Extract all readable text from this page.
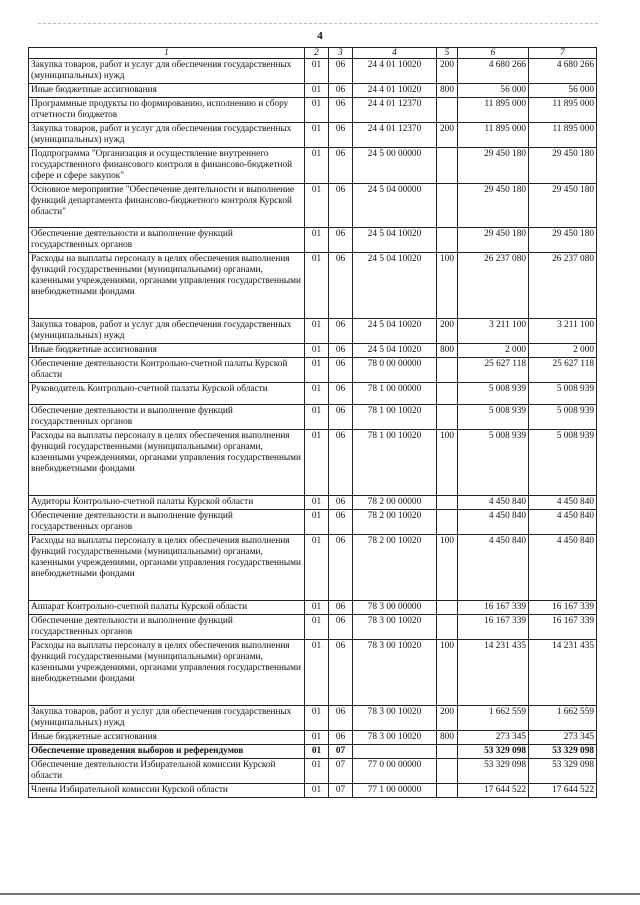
4
1	2	3	4	5	6	7
Закупка товаров, работ и услуг для обеспечения государственных (муниципальных) нужд	01	06	24 4 01 10020	200	4 680 266	4 680 266
Иные бюджетные ассигнования	01	06	24 4 01 10020	800	56 000	56 000
Программные продукты по формированию, исполнению и сбору отчетности бюджетов	01	06	24 4 01 12370		11 895 000	11 895 000
Закупка товаров, работ и услуг для обеспечения государственных (муниципальных) нужд	01	06	24 4 01 12370	200	11 895 000	11 895 000
Подпрограмма "Организация и осуществление внутреннего государственного финансового контроля в финансово-бюджетной сфере и сфере закупок"	01	06	24 5 00 00000		29 450 180	29 450 180
Основное мероприятие "Обеспечение деятельности и выполнение функций департамента финансово-бюджетного контроля Курской области"	01	06	24 5 04 00000		29 450 180	29 450 180
Обеспечение деятельности и выполнение функций государственных органов	01	06	24 5 04 10020		29 450 180	29 450 180
Расходы на выплаты персоналу в целях обеспечения выполнения функций государственными (муниципальными) органами, казенными учреждениями, органами управления государственными внебюджетными фондами	01	06	24 5 04 10020	100	26 237 080	26 237 080
Закупка товаров, работ и услуг для обеспечения государственных (муниципальных) нужд	01	06	24 5 04 10020	200	3 211 100	3 211 100
Иные бюджетные ассигнования	01	06	24 5 04 10020	800	2 000	2 000
Обеспечение деятельности Контрольно-счетной палаты Курской области	01	06	78 0 00 00000		25 627 118	25 627 118
Руководитель Контрольно-счетной палаты Курской области	01	06	78 1 00 00000		5 008 939	5 008 939
Обеспечение деятельности и выполнение функций государственных органов	01	06	78 1 00 10020		5 008 939	5 008 939
Расходы на выплаты персоналу в целях обеспечения выполнения функций государственными (муниципальными) органами, казенными учреждениями, органами управления государственными внебюджетными фондами	01	06	78 1 00 10020	100	5 008 939	5 008 939
Аудиторы Контрольно-счетной палаты Курской области	01	06	78 2 00 00000		4 450 840	4 450 840
Обеспечение деятельности и выполнение функций государственных органов	01	06	78 2 00 10020		4 450 840	4 450 840
Расходы на выплаты персоналу в целях обеспечения выполнения функций государственными (муниципальными) органами, казенными учреждениями, органами управления государственными внебюджетными фондами	01	06	78 2 00 10020	100	4 450 840	4 450 840
Аппарат Контрольно-счетной палаты Курской области	01	06	78 3 00 00000		16 167 339	16 167 339
Обеспечение деятельности и выполнение функций государственных органов	01	06	78 3 00 10020		16 167 339	16 167 339
Расходы на выплаты персоналу в целях обеспечения выполнения функций государственными (муниципальными) органами, казенными учреждениями, органами управления государственными внебюджетными фондами	01	06	78 3 00 10020	100	14 231 435	14 231 435
Закупка товаров, работ и услуг для обеспечения государственных (муниципальных) нужд	01	06	78 3 00 10020	200	1 662 559	1 662 559
Иные бюджетные ассигнования	01	06	78 3 00 10020	800	273 345	273 345
Обеспечение проведения выборов и референдумов	01	07			53 329 098	53 329 098
Обеспечение деятельности Избирательной комиссии Курской области	01	07	77 0 00 00000		53 329 098	53 329 098
Члены Избирательной комиссии Курской области	01	07	77 1 00 00000		17 644 522	17 644 522
